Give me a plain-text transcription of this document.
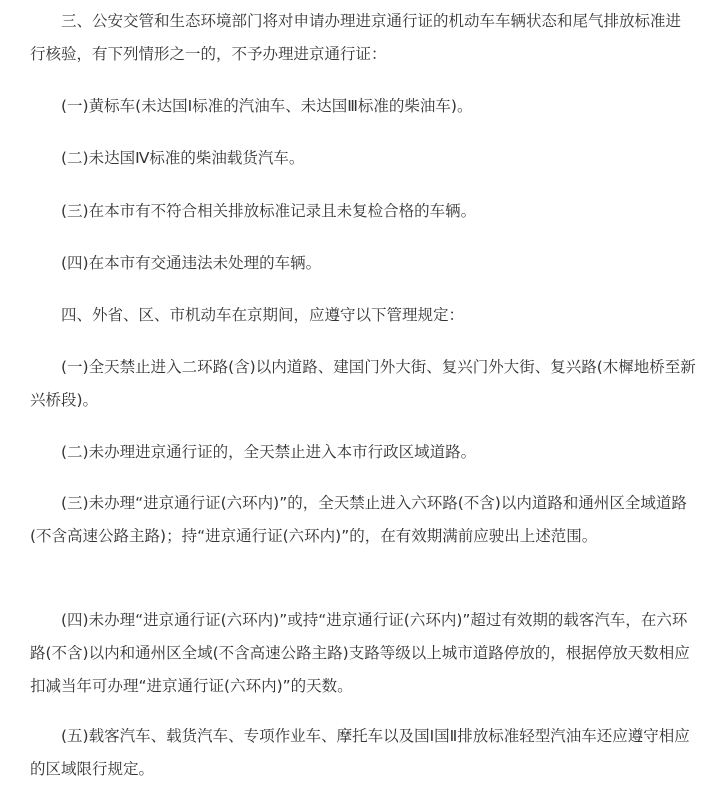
三、公安交管和生态环境部门将对申请办理进京通行证的机动车车辆状态和尾气排放标准进行核验，有下列情形之一的，不予办理进京通行证：

(一)黄标车(未达国Ⅰ标准的汽油车、未达国Ⅲ标准的柴油车)。

(二)未达国Ⅳ标准的柴油载货汽车。

(三)在本市有不符合相关排放标准记录且未复检合格的车辆。

(四)在本市有交通违法未处理的车辆。

四、外省、区、市机动车在京期间，应遵守以下管理规定：

(一)全天禁止进入二环路(含)以内道路、建国门外大街、复兴门外大街、复兴路(木樨地桥至新兴桥段)。

(二)未办理进京通行证的，全天禁止进入本市行政区域道路。

(三)未办理“进京通行证(六环内)”的，全天禁止进入六环路(不含)以内道路和通州区全域道路(不含高速公路主路)；持“进京通行证(六环内)”的，在有效期满前应驶出上述范围。

(四)未办理“进京通行证(六环内)”或持“进京通行证(六环内)”超过有效期的载客汽车，在六环路(不含)以内和通州区全域(不含高速公路主路)支路等级以上城市道路停放的，根据停放天数相应扣减当年可办理“进京通行证(六环内)”的天数。

(五)载客汽车、载货汽车、专项作业车、摩托车以及国Ⅰ国Ⅱ排放标准轻型汽油车还应遵守相应的区域限行规定。
